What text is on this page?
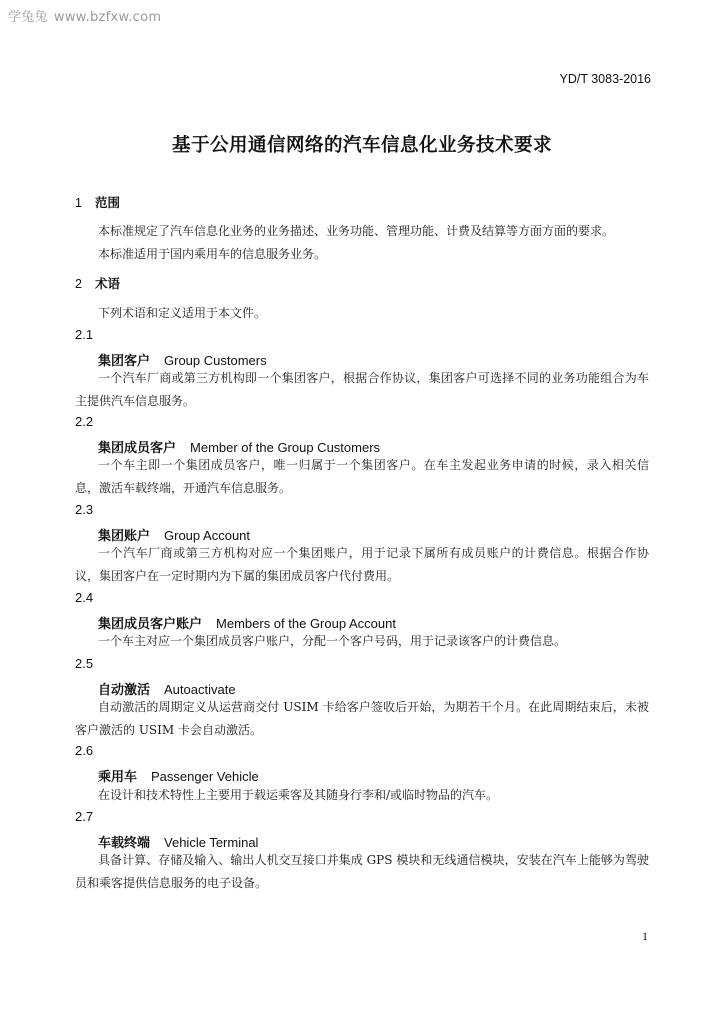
学兔兔 www.bzfxw.com
YD/T 3083-2016
基于公用通信网络的汽车信息化业务技术要求
1 范围
本标准规定了汽车信息化业务的业务描述、业务功能、管理功能、计费及结算等方面方面的要求。
本标准适用于国内乘用车的信息服务业务。
2 术语
下列术语和定义适用于本文件。
2.1
集团客户 Group Customers
一个汽车厂商或第三方机构即一个集团客户，根据合作协议，集团客户可选择不同的业务功能组合为车主提供汽车信息服务。
2.2
集团成员客户 Member of the Group Customers
一个车主即一个集团成员客户，唯一归属于一个集团客户。在车主发起业务申请的时候，录入相关信息，激活车载终端，开通汽车信息服务。
2.3
集团账户 Group Account
一个汽车厂商或第三方机构对应一个集团账户，用于记录下属所有成员账户的计费信息。根据合作协议，集团客户在一定时期内为下属的集团成员客户代付费用。
2.4
集团成员客户账户 Members of the Group Account
一个车主对应一个集团成员客户账户，分配一个客户号码，用于记录该客户的计费信息。
2.5
自动激活 Autoactivate
自动激活的周期定义从运营商交付 USIM 卡给客户签收后开始，为期若干个月。在此周期结束后，未被客户激活的 USIM 卡会自动激活。
2.6
乘用车 Passenger Vehicle
在设计和技术特性上主要用于载运乘客及其随身行李和/或临时物品的汽车。
2.7
车载终端 Vehicle Terminal
具备计算、存储及输入、输出人机交互接口并集成 GPS 模块和无线通信模块，安装在汽车上能够为驾驶员和乘客提供信息服务的电子设备。
1
